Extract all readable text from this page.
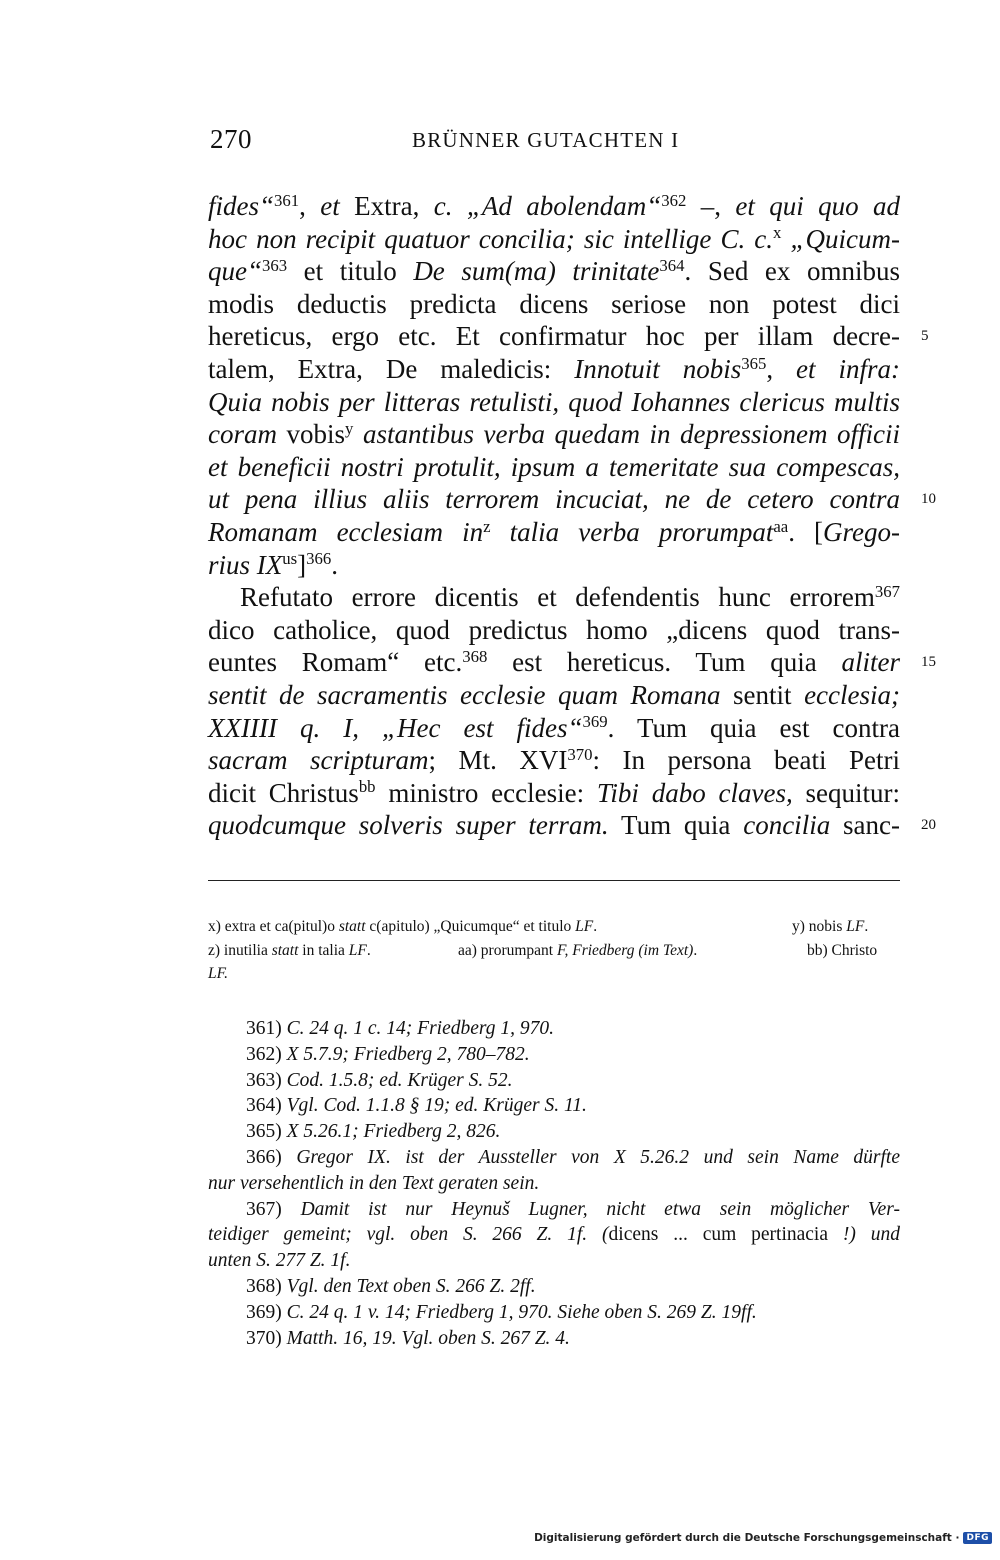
270	BRÜNNER GUTACHTEN I
fides“$^{361}$, et Extra, c. „Ad abolendam“$^{362}$ –, et qui quo ad
hoc non recipit quatuor concilia; sic intellige C. c.$^x$ „Quicum-
que“$^{363}$ et titulo De sum(ma) trinitate$^{364}$. Sed ex omnibus
modis deductis predicta dicens seriose non potest dici
hereticus, ergo etc. Et confirmatur hoc per illam decre- 5
talem, Extra, De maledicis: Innotuit nobis$^{365}$, et infra:
Quia nobis per litteras retulisti, quod Iohannes clericus multis
coram vobis$^y$ astantibus verba quedam in depressionem officii
et beneficii nostri protulit, ipsum a temeritate sua compescas,
ut pena illius aliis terrorem incuciat, ne de cetero contra 10
Romanam ecclesiam $in^z$ talia verba prorumpat$^{aa}$. [Grego-
rius $IX^{us}]^{366}$.
Refutato errore dicentis et defendentis hunc errorem$^{367}$
dico catholice, quod predictus homo „dicens quod trans-
euntes Romam“ etc.$^{368}$ est hereticus. Tum quia aliter 15
sentit de sacramentis ecclesie quam Romana sentit ecclesia;
XXIIII q. I, „Hec est fides“$^{369}$. Tum quia est contra
sacram scripturam; Mt. XVI$^{370}$: In persona beati Petri
dicit Christus$^{bb}$ ministro ecclesie: Tibi dabo claves, sequitur:
quodcumque solveris super terram. Tum quia concilia sanc- 20
x) extra et ca(pitul)o statt c(apitulo) „Quicumque“ et titulo LF.	y) nobis LF.
z) inutilia statt in talia LF.	aa) prorumpant F, Friedberg (im Text).	bb) Christo
LF.
361) C. 24 q. 1 c. 14; Friedberg 1, 970.
362) X 5.7.9; Friedberg 2, 780–782.
363) Cod. 1.5.8; ed. Krüger S. 52.
364) Vgl. Cod. 1.1.8 § 19; ed. Krüger S. 11.
365) X 5.26.1; Friedberg 2, 826.
366) Gregor IX. ist der Aussteller von X 5.26.2 und sein Name dürfte
nur versehentlich in den Text geraten sein.
367) Damit ist nur Heynuš Lugner, nicht etwa sein möglicher Ver-
teidiger gemeint; vgl. oben S. 266 Z. 1f. (dicens ... cum pertinacia !) und
unten S. 277 Z. 1f.
368) Vgl. den Text oben S. 266 Z. 2ff.
369) C. 24 q. 1 v. 14; Friedberg 1, 970. Siehe oben S. 269 Z. 19ff.
370) Matth. 16, 19. Vgl. oben S. 267 Z. 4.
Digitalisierung gefördert durch die Deutsche Forschungsgemeinschaft · DFG
